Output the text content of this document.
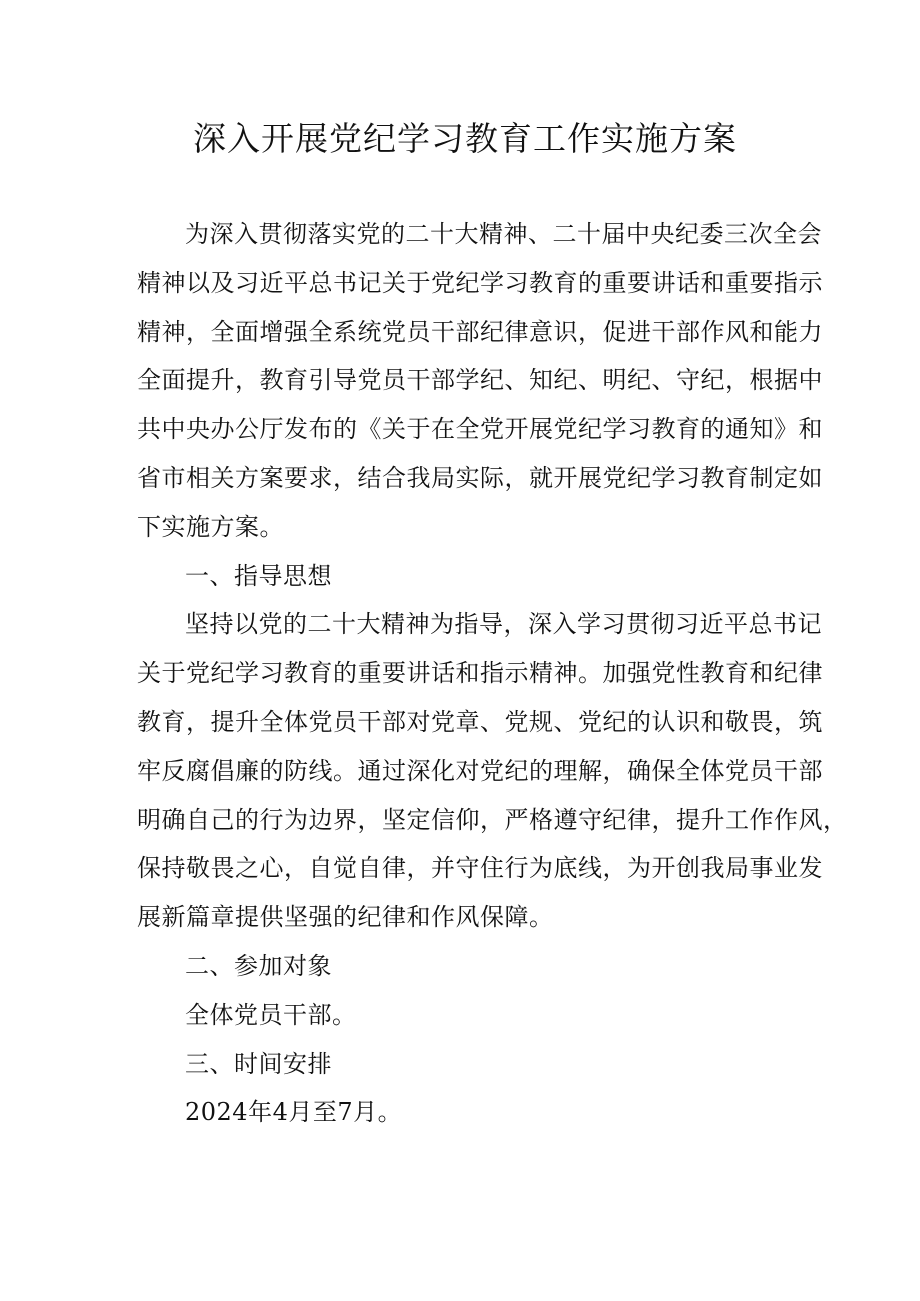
深入开展党纪学习教育工作实施方案
为深入贯彻落实党的二十大精神、二十届中央纪委三次全会
精神以及习近平总书记关于党纪学习教育的重要讲话和重要指示
精神，全面增强全系统党员干部纪律意识，促进干部作风和能力
全面提升，教育引导党员干部学纪、知纪、明纪、守纪，根据中
共中央办公厅发布的《关于在全党开展党纪学习教育的通知》和
省市相关方案要求，结合我局实际，就开展党纪学习教育制定如
下实施方案。
一、指导思想
坚持以党的二十大精神为指导，深入学习贯彻习近平总书记
关于党纪学习教育的重要讲话和指示精神。加强党性教育和纪律
教育，提升全体党员干部对党章、党规、党纪的认识和敬畏，筑
牢反腐倡廉的防线。通过深化对党纪的理解，确保全体党员干部
明确自己的行为边界，坚定信仰，严格遵守纪律，提升工作作风，
保持敬畏之心，自觉自律，并守住行为底线，为开创我局事业发
展新篇章提供坚强的纪律和作风保障。
二、参加对象
全体党员干部。
三、时间安排
2024年4月至7月。
